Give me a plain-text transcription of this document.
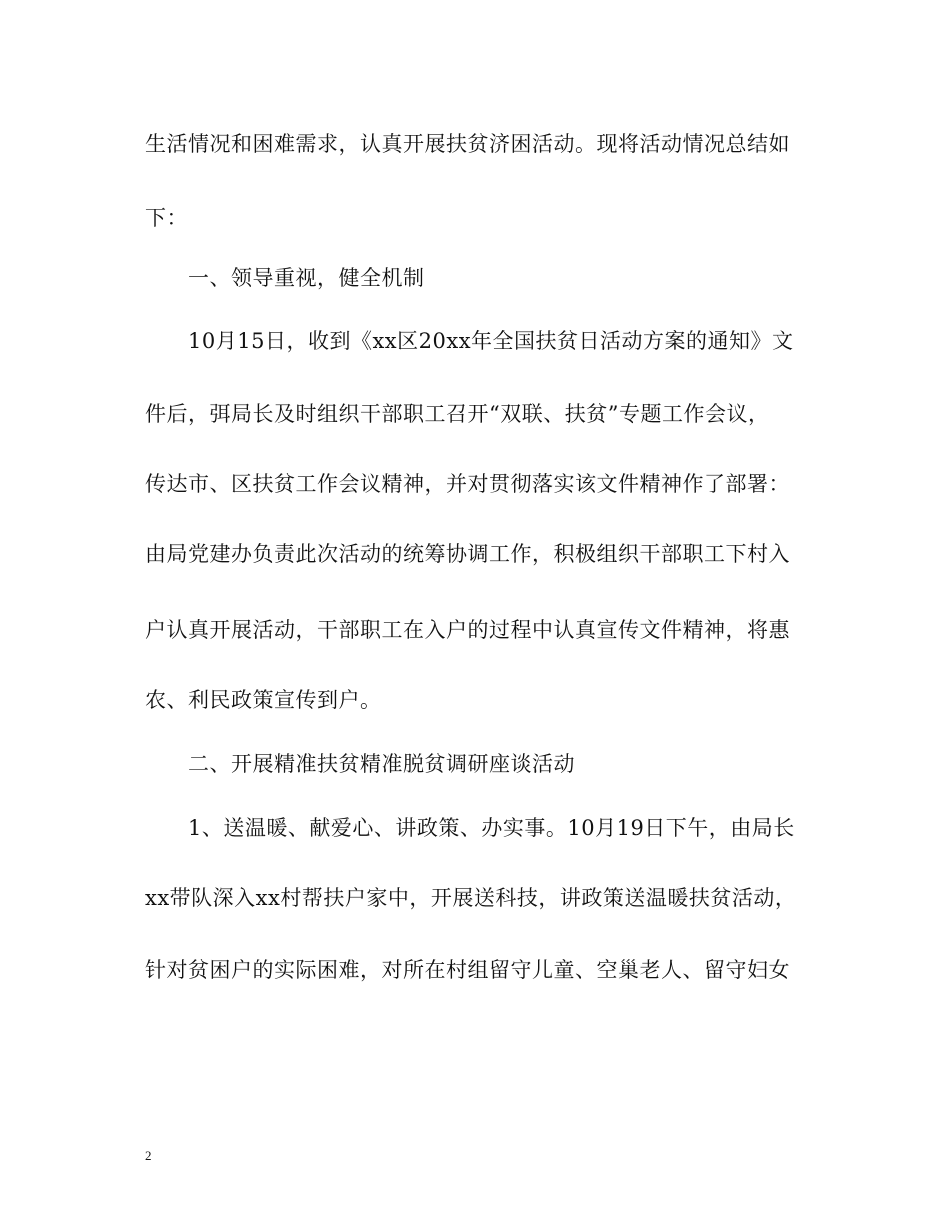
生活情况和困难需求，认真开展扶贫济困活动。现将活动情况总结如
下：
一、领导重视，健全机制
10月15日，收到《xx区20xx年全国扶贫日活动方案的通知》文
件后，弭局长及时组织干部职工召开“双联、扶贫”专题工作会议，
传达市、区扶贫工作会议精神，并对贯彻落实该文件精神作了部署：
由局党建办负责此次活动的统筹协调工作，积极组织干部职工下村入
户认真开展活动，干部职工在入户的过程中认真宣传文件精神，将惠
农、利民政策宣传到户。
二、开展精准扶贫精准脱贫调研座谈活动
1、送温暖、献爱心、讲政策、办实事。10月19日下午，由局长
xx带队深入xx村帮扶户家中，开展送科技，讲政策送温暖扶贫活动，
针对贫困户的实际困难，对所在村组留守儿童、空巢老人、留守妇女
2
